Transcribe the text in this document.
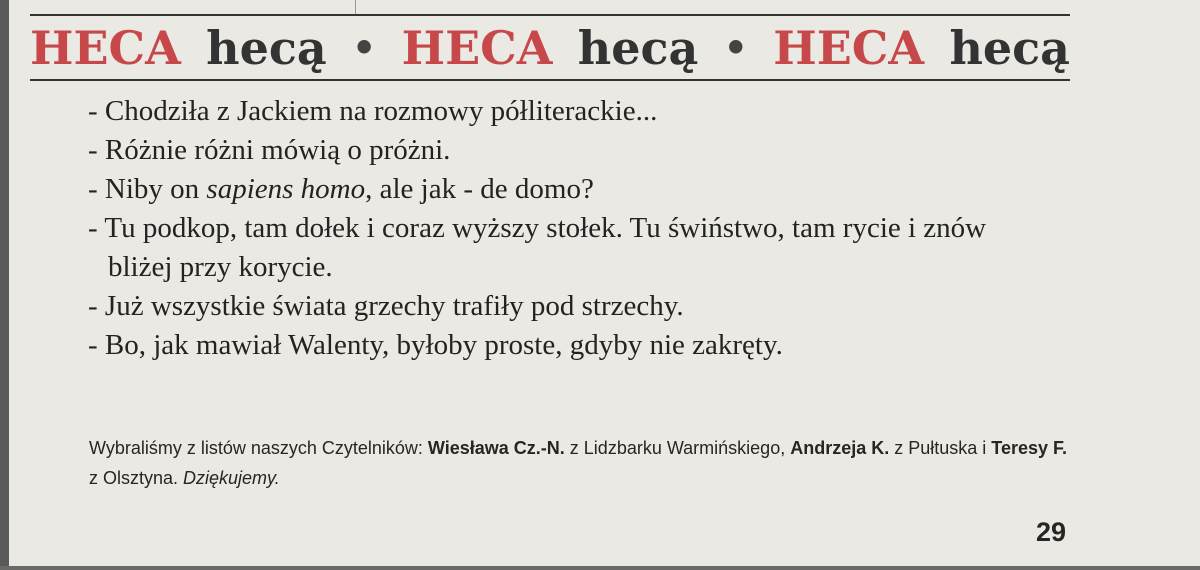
HECA hecą • HECA hecą • HECA hecą
- Chodziła z Jackiem na rozmowy półliterackie...
- Różnie różni mówią o próżni.
- Niby on sapiens homo, ale jak - de domo?
- Tu podkop, tam dołek i coraz wyższy stołek. Tu świństwo, tam rycie i znów bliżej przy korycie.
- Już wszystkie świata grzechy trafiły pod strzechy.
- Bo, jak mawiał Walenty, byłoby proste, gdyby nie zakręty.

Wybraliśmy z listów naszych Czytelników: Wiesława Cz.-N. z Lidzbarku Warmińskiego, Andrzeja K. z Pułtuska i Teresy F. z Olsztyna. Dziękujemy.

29
